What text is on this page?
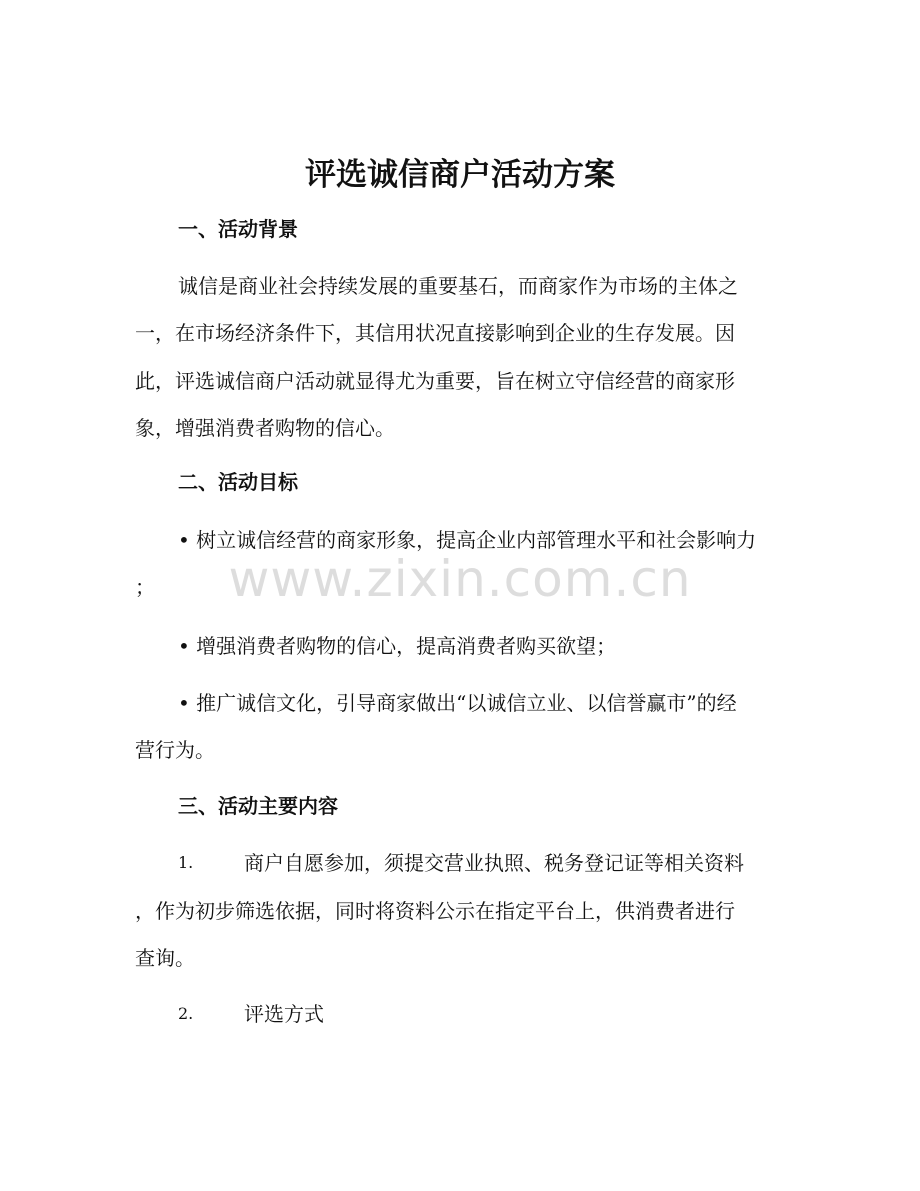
评选诚信商户活动方案
一、活动背景
诚信是商业社会持续发展的重要基石，而商家作为市场的主体之
一，在市场经济条件下，其信用状况直接影响到企业的生存发展。因
此，评选诚信商户活动就显得尤为重要，旨在树立守信经营的商家形
象，增强消费者购物的信心。
二、活动目标
• 树立诚信经营的商家形象，提高企业内部管理水平和社会影响力
；
• 增强消费者购物的信心，提高消费者购买欲望；
• 推广诚信文化，引导商家做出“以诚信立业、以信誉赢市”的经
营行为。
三、活动主要内容
1.	商户自愿参加，须提交营业执照、税务登记证等相关资料
，作为初步筛选依据，同时将资料公示在指定平台上，供消费者进行
查询。
2.	评选方式
www.zixin.com.cn
